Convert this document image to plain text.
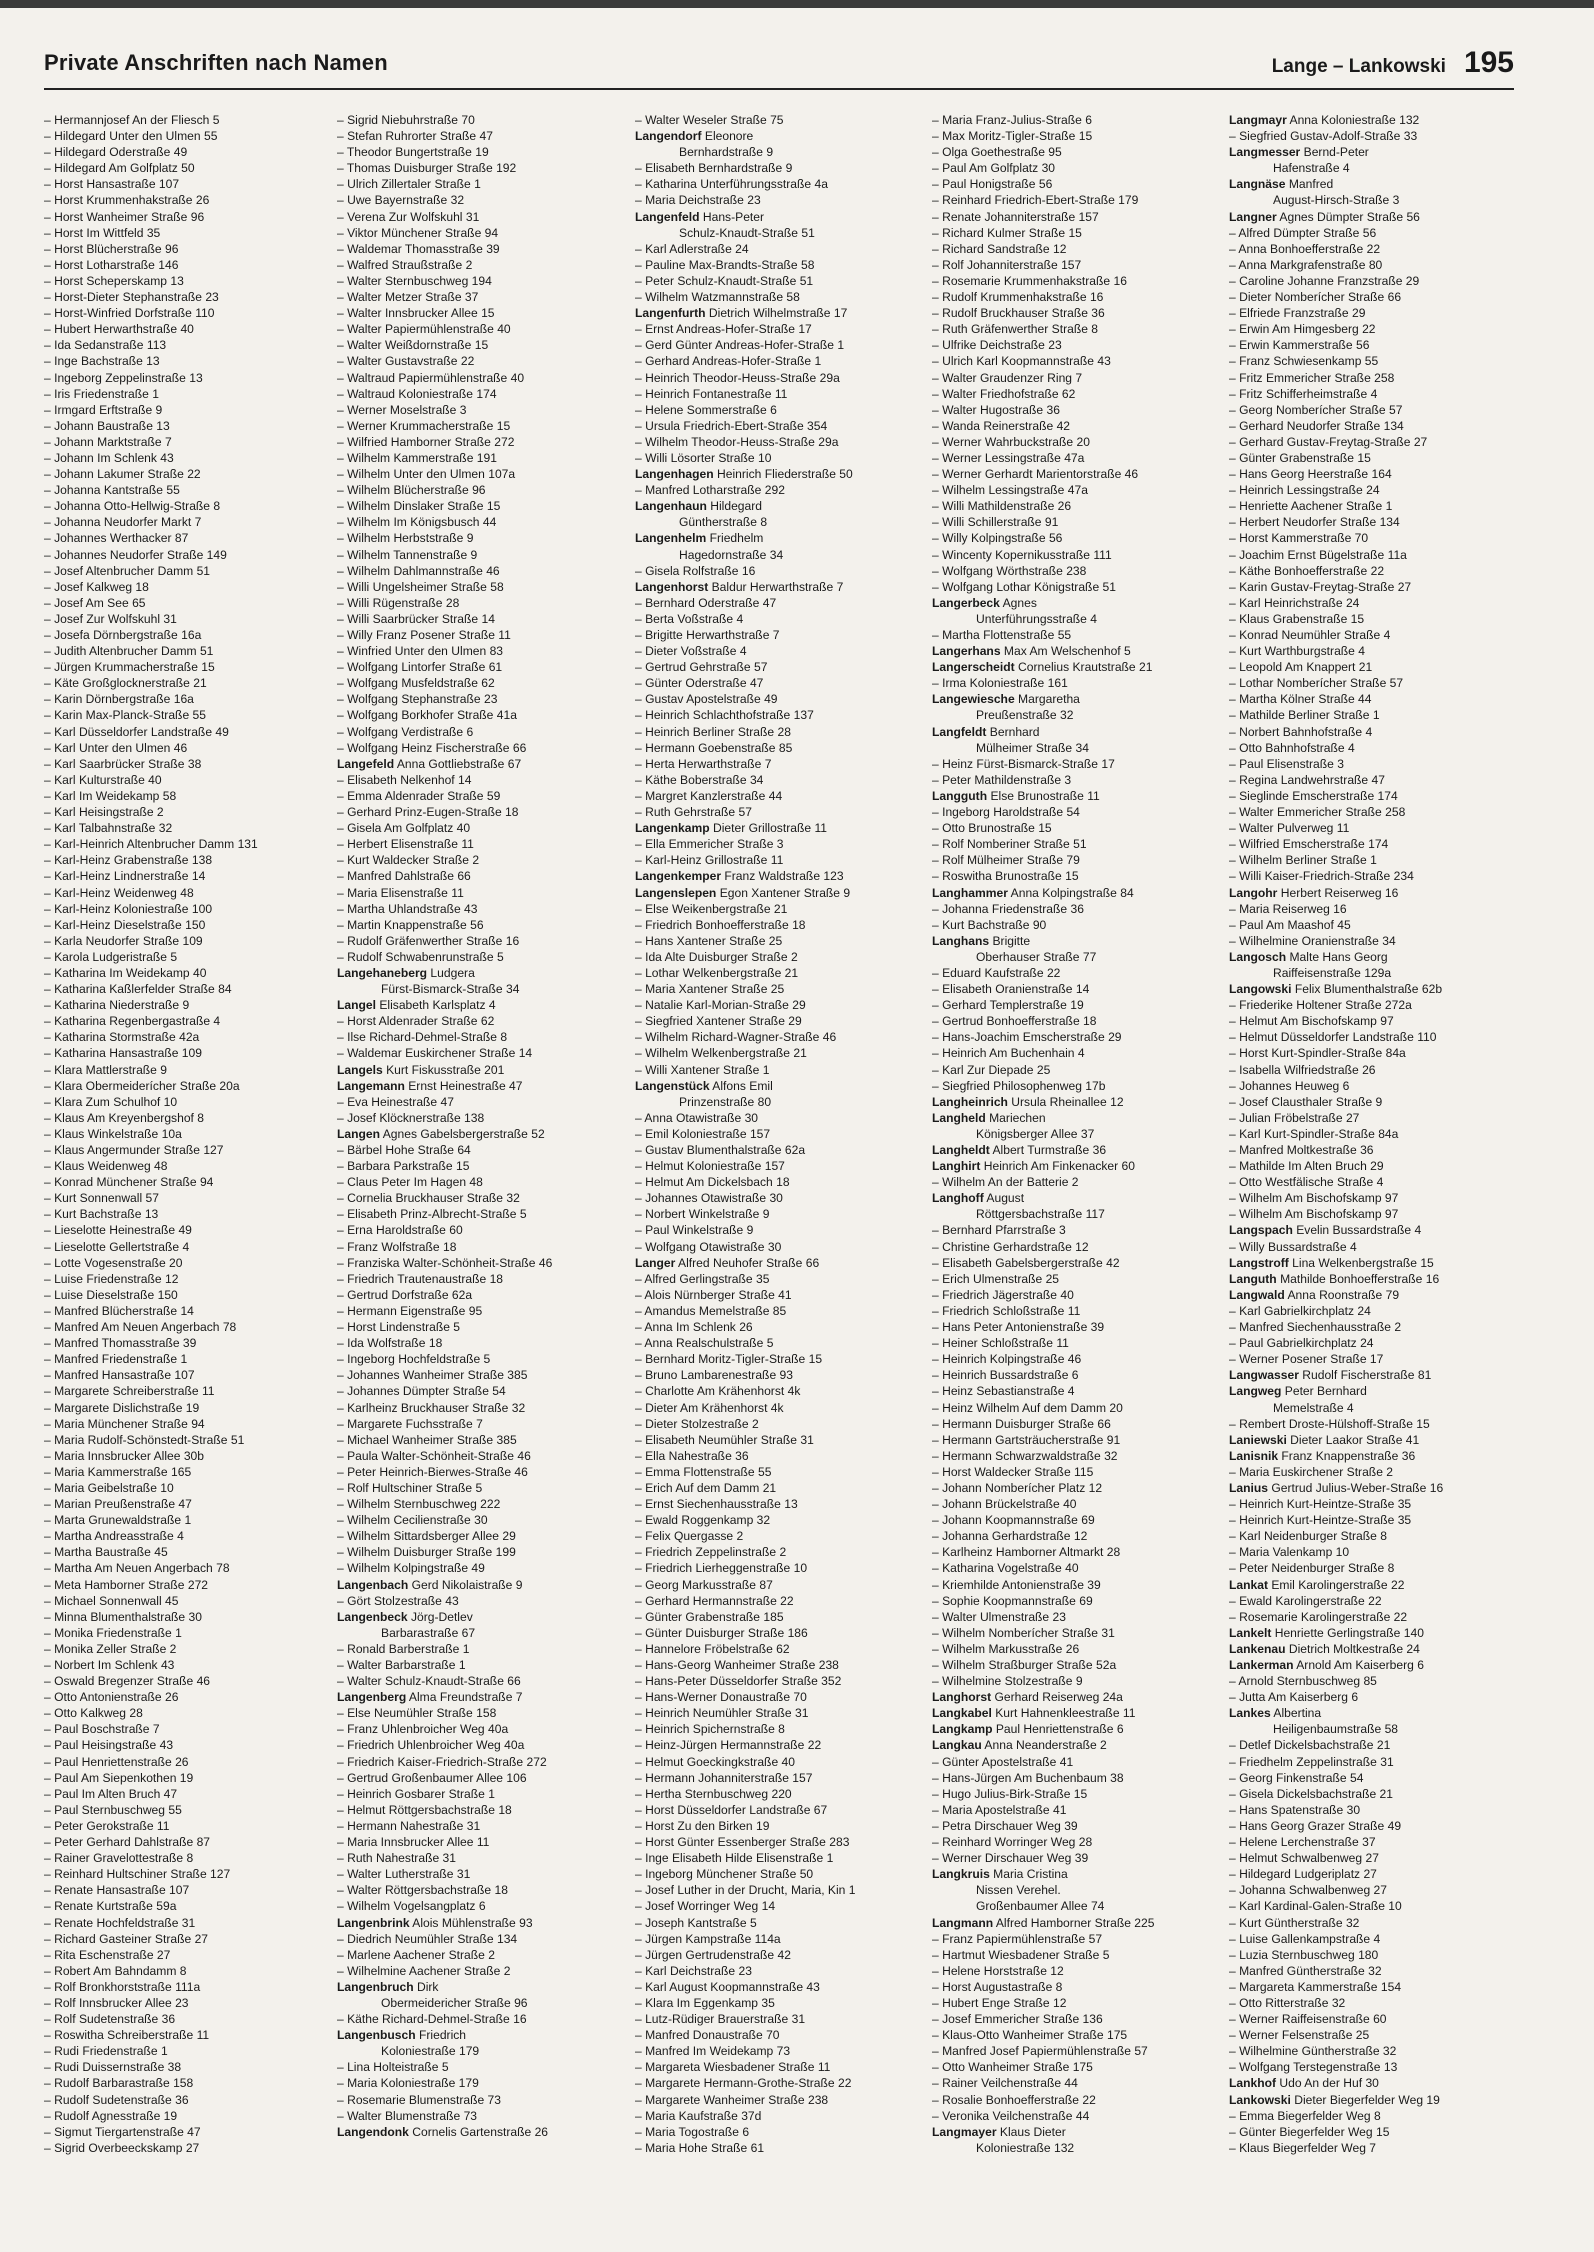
Private Anschriften nach Namen	Lange – Lankowski 195
– Hermannjosef An der Fliesch 5
– Hildegard Unter den Ulmen 55
– Hildegard Oderstraße 49
– Hildegard Am Golfplatz 50
– Horst Hansastraße 107
– Horst Krummenhakstraße 26
– Horst Wanheimer Straße 96
– Horst Im Wittfeld 35
– Horst Blücherstraße 96
– Horst Lotharstraße 146
– Horst Scheperskamp 13
– Horst-Dieter Stephanstraße 23
– Horst-Winfried Dorfstraße 110
– Hubert Herwarthstraße 40
– Ida Sedanstraße 113
– Inge Bachstraße 13
– Ingeborg Zeppelinstraße 13
– Iris Friedenstraße 1
– Irmgard Erftstraße 9
– Johann Baustraße 13
– Johann Marktstraße 7
– Johann Im Schlenk 43
– Johann Lakumer Straße 22
– Johanna Kantstraße 55
– Johanna Otto-Hellwig-Straße 8
– Johanna Neudorfer Markt 7
– Johannes Werthacker 87
– Johannes Neudorfer Straße 149
– Josef Altenbrucher Damm 51
– Josef Kalkweg 18
– Josef Am See 65
– Josef Zur Wolfskuhl 31
– Josefa Dörnbergstraße 16a
– Judith Altenbrucher Damm 51
– Jürgen Krummacherstraße 15
– Käte Großglocknerstraße 21
– Karin Dörnbergstraße 16a
– Karin Max-Planck-Straße 55
– Karl Düsseldorfer Landstraße 49
– Karl Unter den Ulmen 46
– Karl Saarbrücker Straße 38
– Karl Kulturstraße 40
– Karl Im Weidekamp 58
– Karl Heisingstraße 2
– Karl Talbahnstraße 32
– Karl-Heinrich Altenbrucher Damm 131
– Karl-Heinz Grabenstraße 138
– Karl-Heinz Lindnerstraße 14
– Karl-Heinz Weidenweg 48
– Karl-Heinz Koloniestraße 100
– Karl-Heinz Dieselstraße 150
– Karla Neudorfer Straße 109
– Karola Ludgeristraße 5
– Katharina Im Weidekamp 40
– Katharina Kaßlerfelder Straße 84
– Katharina Niederstraße 9
– Katharina Regenbergastraße 4
– Katharina Stormstraße 42a
– Katharina Hansastraße 109
– Klara Mattlerstraße 9
– Klara Obermeiderícher Straße 20a
– Klara Zum Schulhof 10
– Klaus Am Kreyenbergshof 8
– Klaus Winkelstraße 10a
– Klaus Angermunder Straße 127
– Klaus Weidenweg 48
– Konrad Münchener Straße 94
– Kurt Sonnenwall 57
– Kurt Bachstraße 13
– Lieselotte Heinestraße 49
– Lieselotte Gellertstraße 4
– Lotte Vogesenstraße 20
– Luise Friedenstraße 12
– Luise Dieselstraße 150
– Manfred Blücherstraße 14
– Manfred Am Neuen Angerbach 78
– Manfred Thomasstraße 39
– Manfred Friedenstraße 1
– Manfred Hansastraße 107
– Margarete Schreiberstraße 11
– Margarete Dislichstraße 19
– Maria Münchener Straße 94
– Maria Rudolf-Schönstedt-Straße 51
– Maria Innsbrucker Allee 30b
– Maria Kammerstraße 165
– Maria Geibelstraße 10
– Marian Preußenstraße 47
– Marta Grunewaldstraße 1
– Martha Andreasstraße 4
– Martha Baustraße 45
– Martha Am Neuen Angerbach 78
– Meta Hamborner Straße 272
– Michael Sonnenwall 45
– Minna Blumenthalstraße 30
– Monika Friedenstraße 1
– Monika Zeller Straße 2
– Norbert Im Schlenk 43
– Oswald Bregenzer Straße 46
– Otto Antonienstraße 26
– Otto Kalkweg 28
– Paul Boschstraße 7
– Paul Heisingstraße 43
– Paul Henriettenstraße 26
– Paul Am Siepenkothen 19
– Paul Im Alten Bruch 47
– Paul Sternbuschweg 55
– Peter Gerokstraße 11
– Peter Gerhard Dahlstraße 87
– Rainer Gravelottestraße 8
– Reinhard Hultschiner Straße 127
– Renate Hansastraße 107
– Renate Kurtstraße 59a
– Renate Hochfeldstraße 31
– Richard Gasteiner Straße 27
– Rita Eschenstraße 27
– Robert Am Bahndamm 8
– Rolf Bronkhorststraße 111a
– Rolf Innsbrucker Allee 23
– Rolf Sudetenstraße 36
– Roswitha Schreiberstraße 11
– Rudi Friedenstraße 1
– Rudi Duissernstraße 38
– Rudolf Barbarastraße 158
– Rudolf Sudetenstraße 36
– Rudolf Agnesstraße 19
– Sigmut Tiergartenstraße 47
– Sigrid Overbeeckskamp 27
– Sigrid Niebuhrstraße 70
– Stefan Ruhrorter Straße 47
– Theodor Bungertstraße 19
– Thomas Duisburger Straße 192
– Ulrich Zillertaler Straße 1
– Uwe Bayernstraße 32
– Verena Zur Wolfskuhl 31
– Viktor Münchener Straße 94
– Waldemar Thomasstraße 39
– Walfred Straußstraße 2
– Walter Sternbuschweg 194
– Walter Metzer Straße 37
– Walter Innsbrucker Allee 15
– Walter Papiermühlenstraße 40
– Walter Weißdornstraße 15
– Walter Gustavstraße 22
– Waltraud Papiermühlenstraße 40
– Waltraud Koloniestraße 174
– Werner Moselstraße 3
– Werner Krummacherstraße 15
– Wilfried Hamborner Straße 272
– Wilhelm Kammerstraße 191
– Wilhelm Unter den Ulmen 107a
– Wilhelm Blücherstraße 96
– Wilhelm Dinslaker Straße 15
– Wilhelm Im Königsbusch 44
– Wilhelm Herbststraße 9
– Wilhelm Tannenstraße 9
– Wilhelm Dahlmannstraße 46
– Willi Ungelsheimer Straße 58
– Willi Rügenstraße 28
– Willi Saarbrücker Straße 14
– Willy Franz Posener Straße 11
– Winfried Unter den Ulmen 83
– Wolfgang Lintorfer Straße 61
– Wolfgang Musfeldstraße 62
– Wolfgang Stephanstraße 23
– Wolfgang Borkhofer Straße 41a
– Wolfgang Verdistraße 6
– Wolfgang Heinz Fischerstraße 66
Langefeld Anna Gottliebstraße 67
– Elisabeth Nelkenhof 14
– Emma Aldenrader Straße 59
– Gerhard Prinz-Eugen-Straße 18
– Gisela Am Golfplatz 40
– Herbert Elisenstraße 11
– Kurt Waldecker Straße 2
– Manfred Dahlstraße 66
– Maria Elisenstraße 11
– Martha Uhlandstraße 43
– Martin Knappenstraße 56
– Rudolf Gräfenwerther Straße 16
– Rudolf Schwabenrunstraße 5
Langehaneberg Ludgera
Fürst-Bismarck-Straße 34
Langel Elisabeth Karlsplatz 4
– Horst Aldenrader Straße 62
– Ilse Richard-Dehmel-Straße 8
– Waldemar Euskirchener Straße 14
Langels Kurt Fiskusstraße 201
Langemann Ernst Heinestraße 47
– Eva Heinestraße 47
– Josef Klöcknerstraße 138
Langen Agnes Gabelsbergerstraße 52
– Bärbel Hohe Straße 64
– Barbara Parkstraße 15
– Claus Peter Im Hagen 48
– Cornelia Bruckhauser Straße 32
– Elisabeth Prinz-Albrecht-Straße 5
– Erna Haroldstraße 60
– Franz Wolfstraße 18
– Franziska Walter-Schönheit-Straße 46
– Friedrich Trautenaustraße 18
– Gertrud Dorfstraße 62a
– Hermann Eigenstraße 95
– Horst Lindenstraße 5
– Ida Wolfstraße 18
– Ingeborg Hochfeldstraße 5
– Johannes Wanheimer Straße 385
– Johannes Dümpter Straße 54
– Karlheinz Bruckhauser Straße 32
– Margarete Fuchsstraße 7
– Michael Wanheimer Straße 385
– Paula Walter-Schönheit-Straße 46
– Peter Heinrich-Bierwes-Straße 46
– Rolf Hultschiner Straße 5
– Wilhelm Sternbuschweg 222
– Wilhelm Cecilienstraße 30
– Wilhelm Sittardsberger Allee 29
– Wilhelm Duisburger Straße 199
– Wilhelm Kolpingstraße 49
Langenbach Gerd Nikolaistraße 9
– Gört Stolzestraße 43
Langenbeck Jörg-Detlev
Barbarastraße 67
– Ronald Barberstraße 1
– Walter Barbarstraße 1
– Walter Schulz-Knaudt-Straße 66
Langenberg Alma Freundstraße 7
– Else Neumühler Straße 158
– Franz Uhlenbroicher Weg 40a
– Friedrich Uhlenbroicher Weg 40a
– Friedrich Kaiser-Friedrich-Straße 272
– Gertrud Großenbaumer Allee 106
– Heinrich Gosbarer Straße 1
– Helmut Röttgersbachstraße 18
– Hermann Nahestraße 31
– Maria Innsbrucker Allee 11
– Ruth Nahestraße 31
– Walter Lutherstraße 31
– Walter Röttgersbachstraße 18
– Wilhelm Vogelsangplatz 6
Langenbrink Alois Mühlenstraße 93
– Diedrich Neumühler Straße 134
– Marlene Aachener Straße 2
– Wilhelmine Aachener Straße 2
Langenbruch Dirk
Obermeidericher Straße 96
– Käthe Richard-Dehmel-Straße 16
Langenbusch Friedrich
Koloniestraße 179
– Lina Holteistraße 5
– Maria Koloniestraße 179
– Rosemarie Blumenstraße 73
– Walter Blumenstraße 73
Langendonk Cornelis Gartenstraße 26
– Walter Weseler Straße 75
Langendorf Eleonore
Bernhardstraße 9
– Elisabeth Bernhardstraße 9
– Katharina Unterführungsstraße 4a
– Maria Deichstraße 23
Langenfeld Hans-Peter
Schulz-Knaudt-Straße 51
– Karl Adlerstraße 24
– Pauline Max-Brandts-Straße 58
– Peter Schulz-Knaudt-Straße 51
– Wilhelm Watzmannstraße 58
Langenfurth Dietrich Wilhelmstraße 17
– Ernst Andreas-Hofer-Straße 17
– Gerd Günter Andreas-Hofer-Straße 1
– Gerhard Andreas-Hofer-Straße 1
– Heinrich Theodor-Heuss-Straße 29a
– Heinrich Fontanestraße 11
– Helene Sommerstraße 6
– Ursula Friedrich-Ebert-Straße 354
– Wilhelm Theodor-Heuss-Straße 29a
– Willi Lösorter Straße 10
Langenhagen Heinrich Fliederstraße 50
– Manfred Lotharstraße 292
Langenhaun Hildegard
Güntherstraße 8
Langenhelm Friedhelm
Hagedornstraße 34
– Gisela Rolfstraße 16
Langenhorst Baldur Herwarthstraße 7
– Bernhard Oderstraße 47
– Berta Voßstraße 4
– Brigitte Herwarthstraße 7
– Dieter Voßstraße 4
– Gertrud Gehrstraße 57
– Günter Oderstraße 47
– Gustav Apostelstraße 49
– Heinrich Schlachthofstraße 137
– Heinrich Berliner Straße 28
– Hermann Goebenstraße 85
– Herta Herwarthstraße 7
– Käthe Boberstraße 34
– Margret Kanzlerstraße 44
– Ruth Gehrstraße 57
Langenkamp Dieter Grillostraße 11
– Ella Emmericher Straße 3
– Karl-Heinz Grillostraße 11
Langenkemper Franz Waldstraße 123
Langenslepen Egon Xantener Straße 9
– Else Weikenbergstraße 21
– Friedrich Bonhoefferstraße 18
– Hans Xantener Straße 25
– Ida Alte Duisburger Straße 2
– Lothar Welkenbergstraße 21
– Maria Xantener Straße 25
– Natalie Karl-Morian-Straße 29
– Siegfried Xantener Straße 29
– Wilhelm Richard-Wagner-Straße 46
– Wilhelm Welkenbergstraße 21
– Willi Xantener Straße 1
Langenstück Alfons Emil
Prinzenstraße 80
– Anna Otawistraße 30
– Emil Koloniestraße 157
– Gustav Blumenthalstraße 62a
– Helmut Koloniestraße 157
– Helmut Am Dickelsbach 18
– Johannes Otawistraße 30
– Norbert Winkelstraße 9
– Paul Winkelstraße 9
– Wolfgang Otawistraße 30
Langer Alfred Neuhofer Straße 66
– Alfred Gerlingstraße 35
– Alois Nürnberger Straße 41
– Amandus Memelstraße 85
– Anna Im Schlenk 26
– Anna Realschulstraße 5
– Bernhard Moritz-Tigler-Straße 15
– Bruno Lambarenestraße 93
– Charlotte Am Krähenhorst 4k
– Dieter Am Krähenhorst 4k
– Dieter Stolzestraße 2
– Elisabeth Neumühler Straße 31
– Ella Nahestraße 36
– Emma Flottenstraße 55
– Erich Auf dem Damm 21
– Ernst Siechenhausstraße 13
– Ewald Roggenkamp 32
– Felix Quergasse 2
– Friedrich Zeppelinstraße 2
– Friedrich Lierheggenstraße 10
– Georg Markusstraße 87
– Gerhard Hermannstraße 22
– Günter Grabenstraße 185
– Günter Duisburger Straße 186
– Hannelore Fröbelstraße 62
– Hans-Georg Wanheimer Straße 238
– Hans-Peter Düsseldorfer Straße 352
– Hans-Werner Donaustraße 70
– Heinrich Neumühler Straße 31
– Heinrich Spichernstraße 8
– Heinz-Jürgen Hermannstraße 22
– Helmut Goeckingkstraße 40
– Hermann Johanniterstraße 157
– Hertha Sternbuschweg 220
– Horst Düsseldorfer Landstraße 67
– Horst Zu den Birken 19
– Horst Günter Essenberger Straße 283
– Inge Elisabeth Hilde Elisenstraße 1
– Ingeborg Münchener Straße 50
– Josef Luther in der Drucht, Maria, Kin 1
– Josef Worringer Weg 14
– Joseph Kantstraße 5
– Jürgen Kampstraße 114a
– Jürgen Gertrudenstraße 42
– Karl Deichstraße 23
– Karl August Koopmannstraße 43
– Klara Im Eggenkamp 35
– Lutz-Rüdiger Brauerstraße 31
– Manfred Donaustraße 70
– Manfred Im Weidekamp 73
– Margareta Wiesbadener Straße 11
– Margarete Hermann-Grothe-Straße 22
– Margarete Wanheimer Straße 238
– Maria Kaufstraße 37d
– Maria Togostraße 6
– Maria Hohe Straße 61
– Maria Franz-Julius-Straße 6
– Max Moritz-Tigler-Straße 15
– Olga Goethestraße 95
– Paul Am Golfplatz 30
– Paul Honigstraße 56
– Reinhard Friedrich-Ebert-Straße 179
– Renate Johanniterstraße 157
– Richard Kulmer Straße 15
– Richard Sandstraße 12
– Rolf Johanniterstraße 157
– Rosemarie Krummenhakstraße 16
– Rudolf Krummenhakstraße 16
– Rudolf Bruckhauser Straße 36
– Ruth Gräfenwerther Straße 8
– Ulfrike Deichstraße 23
– Ulrich Karl Koopmannstraße 43
– Walter Graudenzer Ring 7
– Walter Friedhofstraße 62
– Walter Hugostraße 36
– Wanda Reinerstraße 42
– Werner Wahrbuckstraße 20
– Werner Lessingstraße 47a
– Werner Gerhardt Marientorstraße 46
– Wilhelm Lessingstraße 47a
– Willi Mathildenstraße 26
– Willi Schillerstraße 91
– Willy Kolpingstraße 56
– Wincenty Kopernikusstraße 111
– Wolfgang Wörthstraße 238
– Wolfgang Lothar Königstraße 51
Langerbeck Agnes
Unterführungsstraße 4
– Martha Flottenstraße 55
Langerhans Max Am Welschenhof 5
Langerscheidt Cornelius Krautstraße 21
– Irma Koloniestraße 161
Langewiesche Margaretha
Preußenstraße 32
Langfeldt Bernhard
Mülheimer Straße 34
– Heinz Fürst-Bismarck-Straße 17
– Peter Mathildenstraße 3
Langguth Else Brunostraße 11
– Ingeborg Haroldstraße 54
– Otto Brunostraße 15
– Rolf Nomberiner Straße 51
– Rolf Mülheimer Straße 79
– Roswitha Brunostraße 15
Langhammer Anna Kolpingstraße 84
– Johanna Friedenstraße 36
– Kurt Bachstraße 90
Langhans Brigitte
Oberhauser Straße 77
– Eduard Kaufstraße 22
– Elisabeth Oranienstraße 14
– Gerhard Templerstraße 19
– Gertrud Bonhoefferstraße 18
– Hans-Joachim Emscherstraße 29
– Heinrich Am Buchenhain 4
– Karl Zur Diepade 25
– Siegfried Philosophenweg 17b
Langheinrich Ursula Rheinallee 12
Langheld Mariechen
Königsberger Allee 37
Langheldt Albert Turmstraße 36
Langhirt Heinrich Am Finkenacker 60
– Wilhelm An der Batterie 2
Langhoff August
Röttgersbachstraße 117
– Bernhard Pfarrstraße 3
– Christine Gerhardstraße 12
– Elisabeth Gabelsbergerstraße 42
– Erich Ulmenstraße 25
– Friedrich Jägerstraße 40
– Friedrich Schloßstraße 11
– Hans Peter Antonienstraße 39
– Heiner Schloßstraße 11
– Heinrich Kolpingstraße 46
– Heinrich Bussardstraße 6
– Heinz Sebastianstraße 4
– Heinz Wilhelm Auf dem Damm 20
– Hermann Duisburger Straße 66
– Hermann Gartsträucherstraße 91
– Hermann Schwarzwaldstraße 32
– Horst Waldecker Straße 115
– Johann Nomberícher Platz 12
– Johann Brückelstraße 40
– Johann Koopmannstraße 69
– Johanna Gerhardstraße 12
– Karlheinz Hamborner Altmarkt 28
– Katharina Vogelstraße 40
– Kriemhilde Antonienstraße 39
– Sophie Koopmannstraße 69
– Walter Ulmenstraße 23
– Wilhelm Nomberícher Straße 31
– Wilhelm Markusstraße 26
– Wilhelm Straßburger Straße 52a
– Wilhelmine Stolzestraße 9
Langhorst Gerhard Reiserweg 24a
Langkabel Kurt Hahnenkleestraße 11
Langkamp Paul Henriettenstraße 6
Langkau Anna Neanderstraße 2
– Günter Apostelstraße 41
– Hans-Jürgen Am Buchenbaum 38
– Hugo Julius-Birk-Straße 15
– Maria Apostelstraße 41
– Petra Dirschauer Weg 39
– Reinhard Worringer Weg 28
– Werner Dirschauer Weg 39
Langkruis Maria Cristina
Nissen Verehel.
Großenbaumer Allee 74
Langmann Alfred Hamborner Straße 225
– Franz Papiermühlenstraße 57
– Hartmut Wiesbadener Straße 5
– Helene Horststraße 12
– Horst Augustastraße 8
– Hubert Enge Straße 12
– Josef Emmericher Straße 136
– Klaus-Otto Wanheimer Straße 175
– Manfred Josef Papiermühlenstraße 57
– Otto Wanheimer Straße 175
– Rainer Veilchenstraße 44
– Rosalie Bonhoefferstraße 22
– Veronika Veilchenstraße 44
Langmayer Klaus Dieter
Koloniestraße 132
Langmayr Anna Koloniestraße 132
– Siegfried Gustav-Adolf-Straße 33
Langmesser Bernd-Peter
Hafenstraße 4
Langnäse Manfred
August-Hirsch-Straße 3
Langner Agnes Dümpter Straße 56
– Alfred Dümpter Straße 56
– Anna Bonhoefferstraße 22
– Anna Markgrafenstraße 80
– Caroline Johanne Franzstraße 29
– Dieter Nomberícher Straße 66
– Elfriede Franzstraße 29
– Erwin Am Himgesberg 22
– Erwin Kammerstraße 56
– Franz Schwiesenkamp 55
– Fritz Emmericher Straße 258
– Fritz Schifferheimstraße 4
– Georg Nomberícher Straße 57
– Gerhard Neudorfer Straße 134
– Gerhard Gustav-Freytag-Straße 27
– Günter Grabenstraße 15
– Hans Georg Heerstraße 164
– Heinrich Lessingstraße 24
– Henriette Aachener Straße 1
– Herbert Neudorfer Straße 134
– Horst Kammerstraße 70
– Joachim Ernst Bügelstraße 11a
– Käthe Bonhoefferstraße 22
– Karin Gustav-Freytag-Straße 27
– Karl Heinrichstraße 24
– Klaus Grabenstraße 15
– Konrad Neumühler Straße 4
– Kurt Warthburgstraße 4
– Leopold Am Knappert 21
– Lothar Nomberícher Straße 57
– Martha Kölner Straße 44
– Mathilde Berliner Straße 1
– Norbert Bahnhofstraße 4
– Otto Bahnhofstraße 4
– Paul Elisenstraße 3
– Regina Landwehrstraße 47
– Sieglinde Emscherstraße 174
– Walter Emmericher Straße 258
– Walter Pulverweg 11
– Wilfried Emscherstraße 174
– Wilhelm Berliner Straße 1
– Willi Kaiser-Friedrich-Straße 234
Langohr Herbert Reiserweg 16
– Maria Reiserweg 16
– Paul Am Maashof 45
– Wilhelmine Oranienstraße 34
Langosch Malte Hans Georg
Raiffeisenstraße 129a
Langowski Felix Blumenthalstraße 62b
– Friederike Holtener Straße 272a
– Helmut Am Bischofskamp 97
– Helmut Düsseldorfer Landstraße 110
– Horst Kurt-Spindler-Straße 84a
– Isabella Wilfriedstraße 26
– Johannes Heuweg 6
– Josef Clausthaler Straße 9
– Julian Fröbelstraße 27
– Karl Kurt-Spindler-Straße 84a
– Manfred Moltkestraße 36
– Mathilde Im Alten Bruch 29
– Otto Westfälische Straße 4
– Wilhelm Am Bischofskamp 97
– Wilhelm Am Bischofskamp 97
Langspach Evelin Bussardstraße 4
– Willy Bussardstraße 4
Langstroff Lina Welkenbergstraße 15
Languth Mathilde Bonhoefferstraße 16
Langwald Anna Roonstraße 79
– Karl Gabrielkirchplatz 24
– Manfred Siechenhausstraße 2
– Paul Gabrielkirchplatz 24
– Werner Posener Straße 17
Langwasser Rudolf Fischerstraße 81
Langweg Peter Bernhard
Memelstraße 4
– Rembert Droste-Hülshoff-Straße 15
Laniewski Dieter Laakor Straße 41
Lanisnik Franz Knappenstraße 36
– Maria Euskirchener Straße 2
Lanius Gertrud Julius-Weber-Straße 16
– Heinrich Kurt-Heintze-Straße 35
– Heinrich Kurt-Heintze-Straße 35
– Karl Neidenburger Straße 8
– Maria Valenkamp 10
– Peter Neidenburger Straße 8
Lankat Emil Karolingerstraße 22
– Ewald Karolingerstraße 22
– Rosemarie Karolingerstraße 22
Lankelt Henriette Gerlingstraße 140
Lankenau Dietrich Moltkestraße 24
Lankerman Arnold Am Kaiserberg 6
– Arnold Sternbuschweg 85
– Jutta Am Kaiserberg 6
Lankes Albertina
Heiligenbaumstraße 58
– Detlef Dickelsbachstraße 21
– Friedhelm Zeppelinstraße 31
– Georg Finkenstraße 54
– Gisela Dickelsbachstraße 21
– Hans Spatenstraße 30
– Hans Georg Grazer Straße 49
– Helene Lerchenstraße 37
– Helmut Schwalbenweg 27
– Hildegard Ludgeriplatz 27
– Johanna Schwalbenweg 27
– Karl Kardinal-Galen-Straße 10
– Kurt Güntherstraße 32
– Luise Gallenkampstraße 4
– Luzia Sternbuschweg 180
– Manfred Güntherstraße 32
– Margareta Kammerstraße 154
– Otto Ritterstraße 32
– Werner Raiffeisenstraße 60
– Werner Felsenstraße 25
– Wilhelmine Güntherstraße 32
– Wolfgang Terstegenstraße 13
Lankhof Udo An der Huf 30
Lankowski Dieter Biegerfelder Weg 19
– Emma Biegerfelder Weg 8
– Günter Biegerfelder Weg 15
– Klaus Biegerfelder Weg 7
